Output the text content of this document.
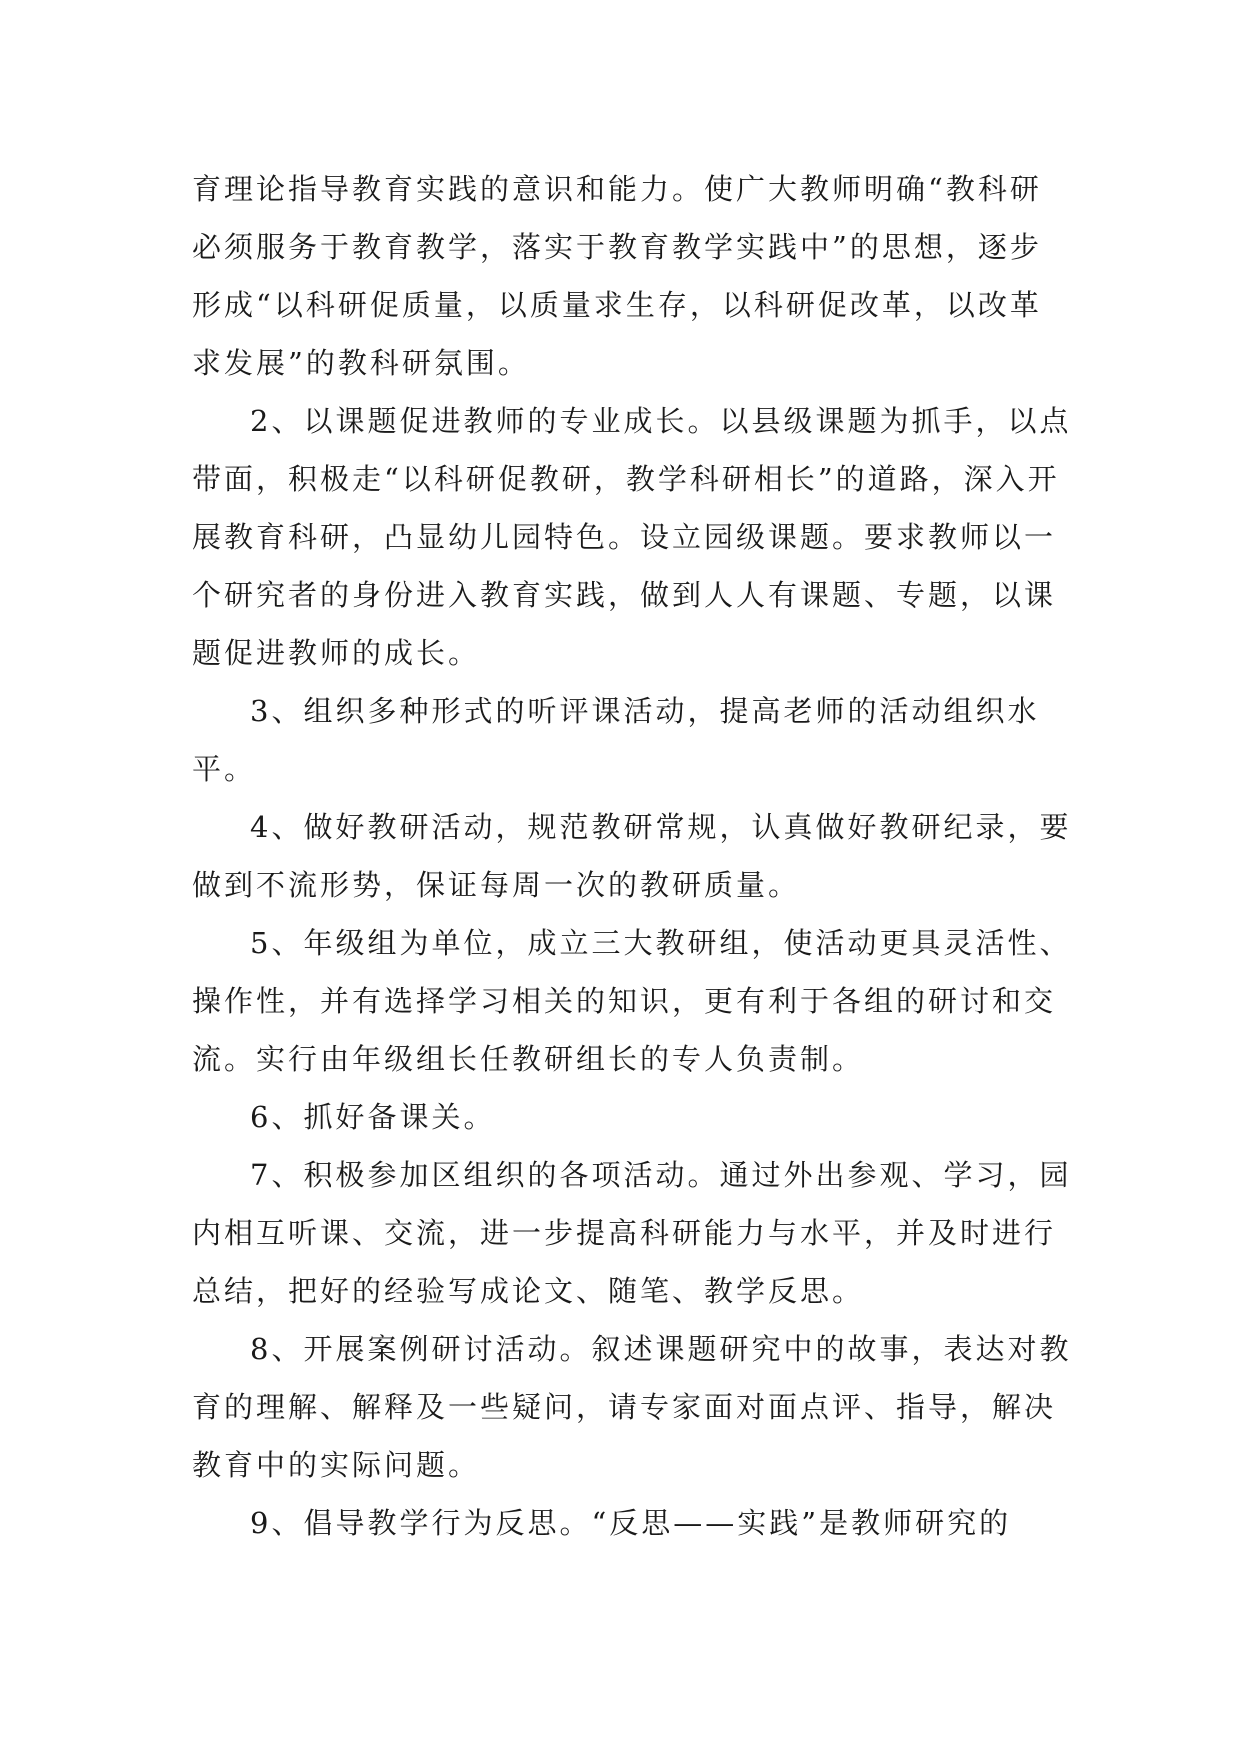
育理论指导教育实践的意识和能力。使广大教师明确“教科研必须服务于教育教学，落实于教育教学实践中”的思想，逐步形成“以科研促质量，以质量求生存，以科研促改革，以改革求发展”的教科研氛围。

2、以课题促进教师的专业成长。以县级课题为抓手，以点带面，积极走“以科研促教研，教学科研相长”的道路，深入开展教育科研，凸显幼儿园特色。设立园级课题。要求教师以一个研究者的身份进入教育实践，做到人人有课题、专题，以课题促进教师的成长。

3、组织多种形式的听评课活动，提高老师的活动组织水平。

4、做好教研活动，规范教研常规，认真做好教研纪录，要做到不流形势，保证每周一次的教研质量。

5、年级组为单位，成立三大教研组，使活动更具灵活性、操作性，并有选择学习相关的知识，更有利于各组的研讨和交流。实行由年级组长任教研组长的专人负责制。

6、抓好备课关。

7、积极参加区组织的各项活动。通过外出参观、学习，园内相互听课、交流，进一步提高科研能力与水平，并及时进行总结，把好的经验写成论文、随笔、教学反思。

8、开展案例研讨活动。叙述课题研究中的故事，表达对教育的理解、解释及一些疑问，请专家面对面点评、指导，解决教育中的实际问题。

9、倡导教学行为反思。“反思——实践”是教师研究的
